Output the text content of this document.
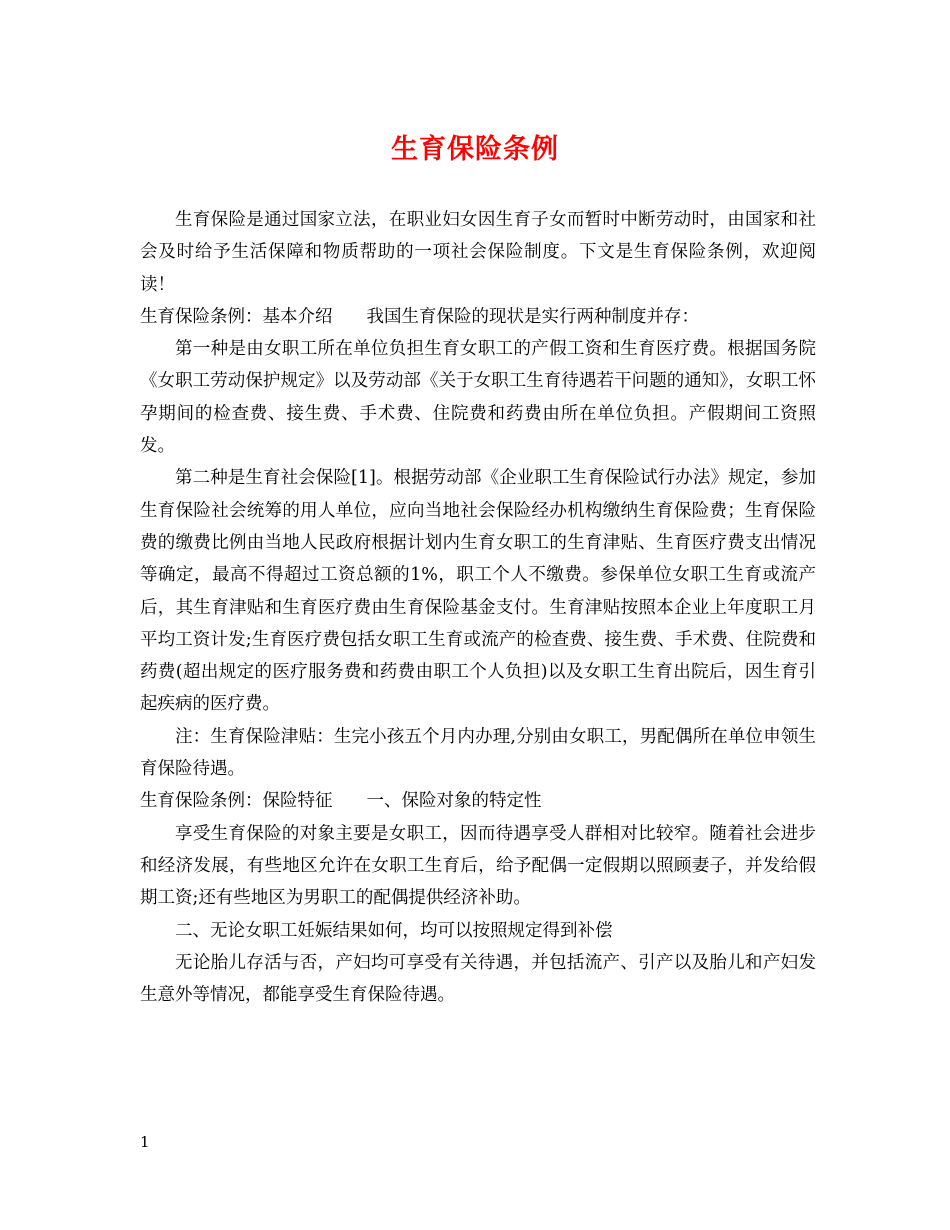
生育保险条例

生育保险是通过国家立法，在职业妇女因生育子女而暂时中断劳动时，由国家和社会及时给予生活保障和物质帮助的一项社会保险制度。下文是生育保险条例，欢迎阅读！

生育保险条例：基本介绍 我国生育保险的现状是实行两种制度并存：

第一种是由女职工所在单位负担生育女职工的产假工资和生育医疗费。根据国务院《女职工劳动保护规定》以及劳动部《关于女职工生育待遇若干问题的通知》，女职工怀孕期间的检查费、接生费、手术费、住院费和药费由所在单位负担。产假期间工资照发。

第二种是生育社会保险[1]。根据劳动部《企业职工生育保险试行办法》规定，参加生育保险社会统筹的用人单位，应向当地社会保险经办机构缴纳生育保险费；生育保险费的缴费比例由当地人民政府根据计划内生育女职工的生育津贴、生育医疗费支出情况等确定，最高不得超过工资总额的1%，职工个人不缴费。参保单位女职工生育或流产后，其生育津贴和生育医疗费由生育保险基金支付。生育津贴按照本企业上年度职工月平均工资计发;生育医疗费包括女职工生育或流产的检查费、接生费、手术费、住院费和药费(超出规定的医疗服务费和药费由职工个人负担)以及女职工生育出院后，因生育引起疾病的医疗费。

注：生育保险津贴：生完小孩五个月内办理,分别由女职工，男配偶所在单位申领生育保险待遇。

生育保险条例：保险特征 一、保险对象的特定性

享受生育保险的对象主要是女职工，因而待遇享受人群相对比较窄。随着社会进步和经济发展，有些地区允许在女职工生育后，给予配偶一定假期以照顾妻子，并发给假期工资;还有些地区为男职工的配偶提供经济补助。

二、无论女职工妊娠结果如何，均可以按照规定得到补偿

无论胎儿存活与否，产妇均可享受有关待遇，并包括流产、引产以及胎儿和产妇发生意外等情况，都能享受生育保险待遇。

1
